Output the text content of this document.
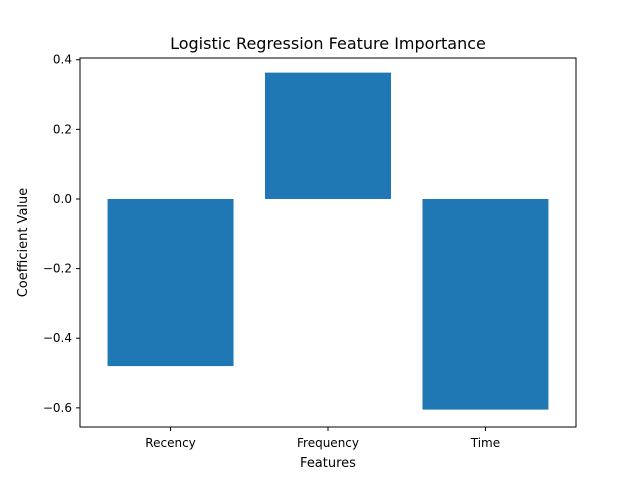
Logistic Regression Feature Importance
−0.6
−0.4
−0.2
0.0
0.2
0.4
Recency	Frequency	Time
Features
Coefficient Value
